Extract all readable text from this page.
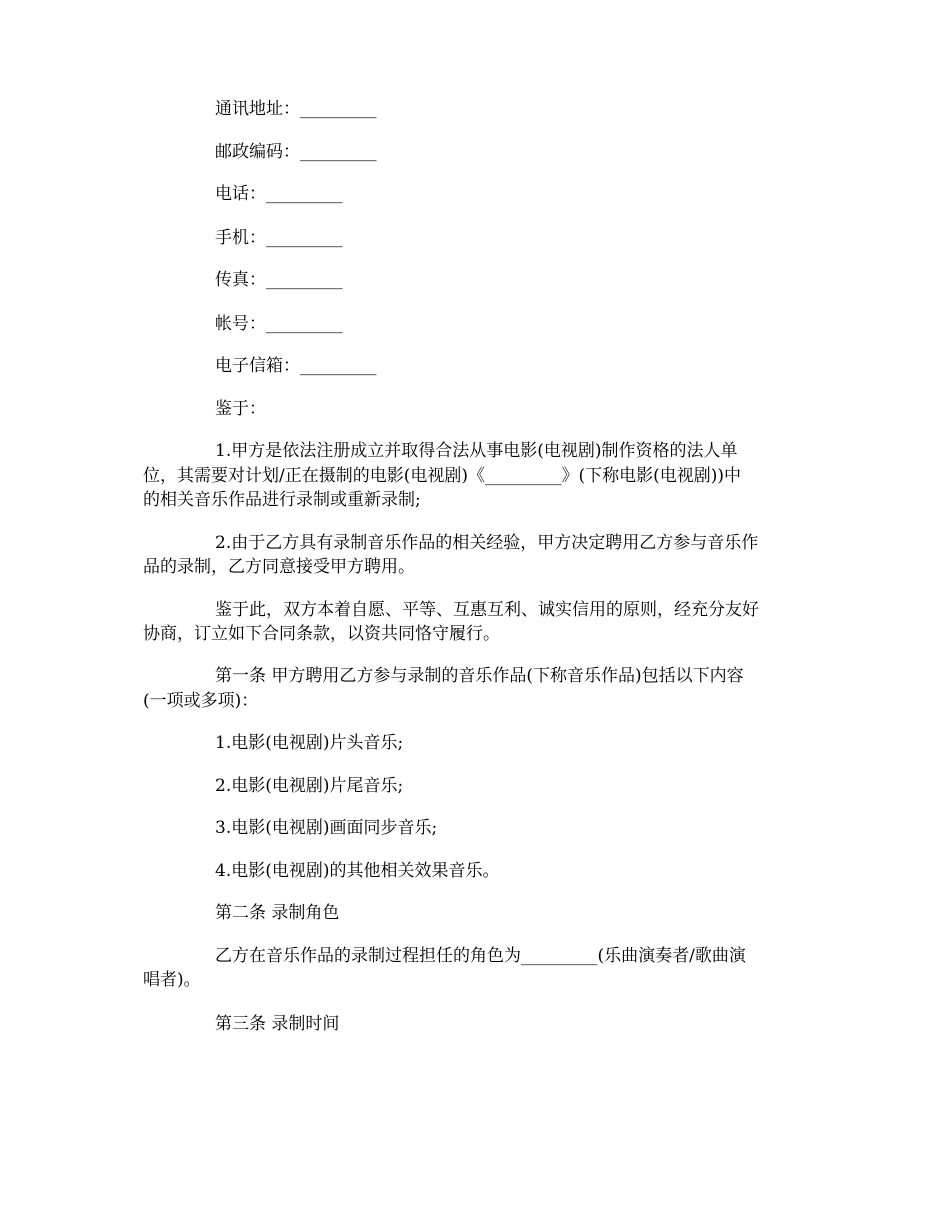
通讯地址：_________
邮政编码：_________
电话：_________
手机：_________
传真：_________
帐号：_________
电子信箱：_________
鉴于：
1.甲方是依法注册成立并取得合法从事电影(电视剧)制作资格的法人单
位，其需要对计划/正在摄制的电影(电视剧)《_________》(下称电影(电视剧))中
的相关音乐作品进行录制或重新录制;
2.由于乙方具有录制音乐作品的相关经验，甲方决定聘用乙方参与音乐作
品的录制，乙方同意接受甲方聘用。
鉴于此，双方本着自愿、平等、互惠互利、诚实信用的原则，经充分友好
协商，订立如下合同条款，以资共同恪守履行。
第一条 甲方聘用乙方参与录制的音乐作品(下称音乐作品)包括以下内容
(一项或多项)：
1.电影(电视剧)片头音乐;
2.电影(电视剧)片尾音乐;
3.电影(电视剧)画面同步音乐;
4.电影(电视剧)的其他相关效果音乐。
第二条 录制角色
乙方在音乐作品的录制过程担任的角色为_________(乐曲演奏者/歌曲演
唱者)。
第三条 录制时间
